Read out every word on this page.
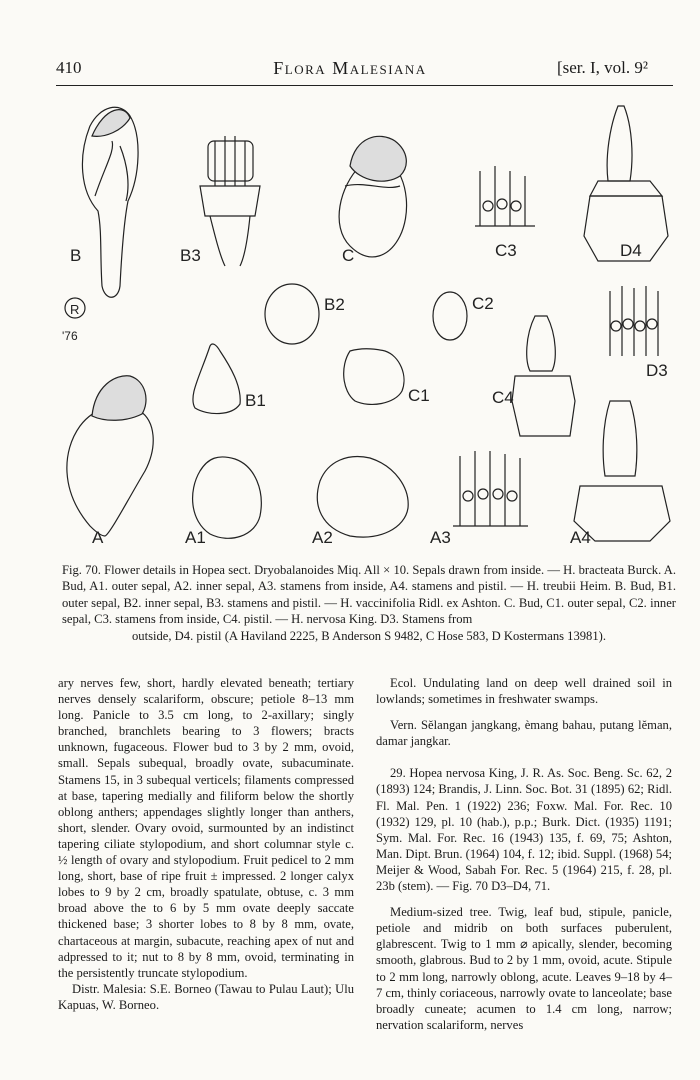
410	Flora Malesiana	[ser. I, vol. 9²
B	B3	C	C3	D4
B2	C2
D3
B1	C1	C4
A	A1	A2	A3	A4
R
'76
Fig. 70. Flower details in Hopea sect. Dryobalanoides Miq. All × 10. Sepals drawn from inside. — H. bracteata Burck. A. Bud, A1. outer sepal, A2. inner sepal, A3. stamens from inside, A4. stamens and pistil. — H. treubii Heim. B. Bud, B1. outer sepal, B2. inner sepal, B3. stamens and pistil. — H. vaccinifolia Ridl. ex Ashton. C. Bud, C1. outer sepal, C2. inner sepal, C3. stamens from inside, C4. pistil. — H. nervosa King. D3. Stamens from
outside, D4. pistil (A Haviland 2225, B Anderson S 9482, C Hose 583, D Kostermans 13981).

ary nerves few, short, hardly elevated beneath; tertiary nerves densely scalariform, obscure; petiole 8–13 mm long. Panicle to 3.5 cm long, to 2-axillary; singly branched, branchlets bearing to 3 flowers; bracts unknown, fugaceous. Flower bud to 3 by 2 mm, ovoid, small. Sepals subequal, broadly ovate, subacuminate. Stamens 15, in 3 subequal verticels; filaments compressed at base, tapering medially and filiform below the shortly oblong anthers; appendages slightly longer than anthers, short, slender. Ovary ovoid, surmounted by an indistinct tapering ciliate stylopodium, and short columnar style c. ½ length of ovary and stylopodium. Fruit pedicel to 2 mm long, short, base of ripe fruit ± impressed. 2 longer calyx lobes to 9 by 2 cm, broadly spatulate, obtuse, c. 3 mm broad above the to 6 by 5 mm ovate deeply saccate thickened base; 3 shorter lobes to 8 by 8 mm, ovate, chartaceous at margin, subacute, reaching apex of nut and adpressed to it; nut to 8 by 8 mm, ovoid, terminating in the persistently truncate stylopodium.

Distr. Malesia: S.E. Borneo (Tawau to Pulau Laut); Ulu Kapuas, W. Borneo.

Ecol. Undulating land on deep well drained soil in lowlands; sometimes in freshwater swamps.

Vern. Sĕlangan jangkang, èmang bahau, putang lĕman, damar jangkar.

29. Hopea nervosa King, J. R. As. Soc. Beng. Sc. 62, 2 (1893) 124; Brandis, J. Linn. Soc. Bot. 31 (1895) 62; Ridl. Fl. Mal. Pen. 1 (1922) 236; Foxw. Mal. For. Rec. 10 (1932) 129, pl. 10 (hab.), p.p.; Burk. Dict. (1935) 1191; Sym. Mal. For. Rec. 16 (1943) 135, f. 69, 75; Ashton, Man. Dipt. Brun. (1964) 104, f. 12; ibid. Suppl. (1968) 54; Meijer & Wood, Sabah For. Rec. 5 (1964) 215, f. 28, pl. 23b (stem). — Fig. 70 D3–D4, 71.

Medium-sized tree. Twig, leaf bud, stipule, panicle, petiole and midrib on both surfaces puberulent, glabrescent. Twig to 1 mm ⌀ apically, slender, becoming smooth, glabrous. Bud to 2 by 1 mm, ovoid, acute. Stipule to 2 mm long, narrowly oblong, acute. Leaves 9–18 by 4–7 cm, thinly coriaceous, narrowly ovate to lanceolate; base broadly cuneate; acumen to 1.4 cm long, narrow; nervation scalariform, nerves
